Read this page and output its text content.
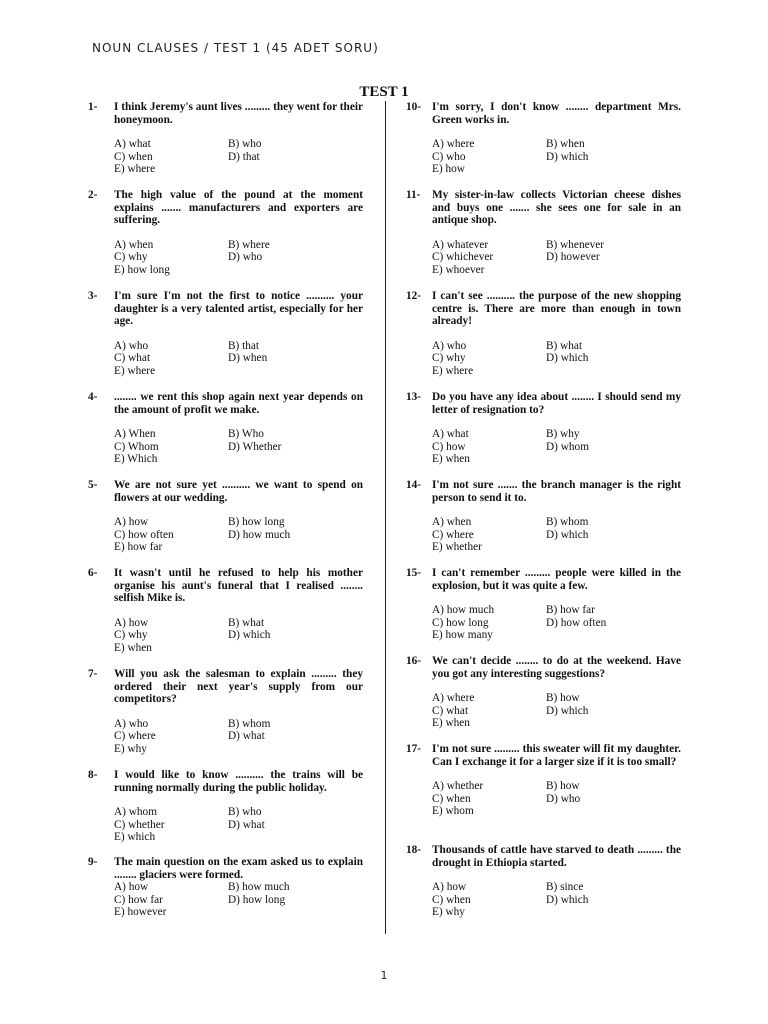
NOUN CLAUSES / TEST 1 (45 ADET SORU)
TEST 1
1-	I think Jeremy's aunt lives ......... they went for their honeymoon.
A) what	B) who
C) when	D) that
E) where
2-	The high value of the pound at the moment explains ....... manufacturers and exporters are suffering.
A) when	B) where
C) why	D) who
E) how long
3-	I'm sure I'm not the first to notice .......... your daughter is a very talented artist, especially for her age.
A) who	B) that
C) what	D) when
E) where
4-	........ we rent this shop again next year depends on the amount of profit we make.
A) When	B) Who
C) Whom	D) Whether
E) Which
5-	We are not sure yet .......... we want to spend on flowers at our wedding.
A) how	B) how long
C) how often	D) how much
E) how far
6-	It wasn't until he refused to help his mother organise his aunt's funeral that I realised ........ selfish Mike is.
A) how	B) what
C) why	D) which
E) when
7-	Will you ask the salesman to explain ......... they ordered their next year's supply from our competitors?
A) who	B) whom
C) where	D) what
E) why
8-	I would like to know .......... the trains will be running normally during the public holiday.
A) whom	B) who
C) whether	D) what
E) which
9-	The main question on the exam asked us to explain ........ glaciers were formed.
A) how	B) how much
C) how far	D) how long
E) however
10- I'm sorry, I don't know ........ department Mrs. Green works in.
A) where	B) when
C) who	D) which
E) how
11-	My sister-in-law collects Victorian cheese dishes and buys one ....... she sees one for sale in an antique shop.
A) whatever	B) whenever
C) whichever	D) however
E) whoever
12- I can't see .......... the purpose of the new shopping centre is. There are more than enough in town already!
A) who	B) what
C) why	D) which
E) where
13- Do you have any idea about ........ I should send my letter of resignation to?
A) what	B) why
C) how	D) whom
E) when
14- I'm not sure ....... the branch manager is the right person to send it to.
A) when	B) whom
C) where	D) which
E) whether
15- I can't remember ......... people were killed in the explosion, but it was quite a few.
A) how much	B) how far
C) how long	D) how often
E) how many
16- We can't decide ........ to do at the weekend. Have you got any interesting suggestions?
A) where	B) how
C) what	D) which
E) when
17- I'm not sure ......... this sweater will fit my daughter. Can I exchange it for a larger size if it is too small?
A) whether	B) how
C) when	D) who
E) whom
18- Thousands of cattle have starved to death ......... the drought in Ethiopia started.
A) how	B) since
C) when	D) which
E) why
1
